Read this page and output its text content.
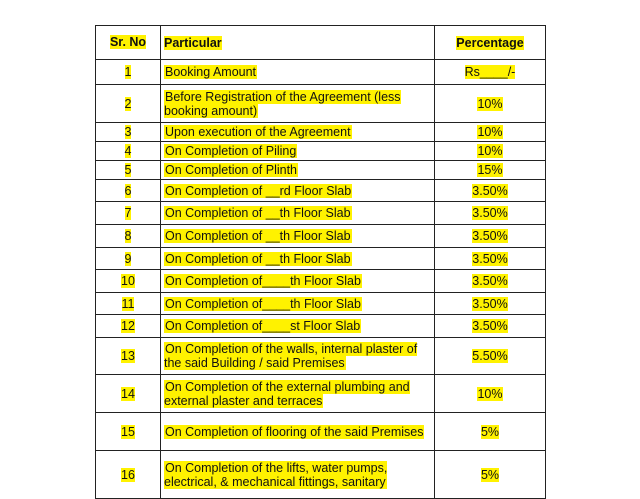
Sr. No	Particular	Percentage
1	Booking Amount	Rs____/-
2	Before Registration of the Agreement (less booking amount)	10%
3	Upon execution of the Agreement	10%
4	On Completion of Piling	10%
5	On Completion of Plinth	15%
6	On Completion of __rd Floor Slab	3.50%
7	On Completion of __th Floor Slab	3.50%
8	On Completion of __th Floor Slab	3.50%
9	On Completion of __th Floor Slab	3.50%
10	On Completion of____th Floor Slab	3.50%
11	On Completion of____th Floor Slab	3.50%
12	On Completion of____st Floor Slab	3.50%
13	On Completion of the walls, internal plaster of the said Building / said Premises	5.50%
14	On Completion of the external plumbing and external plaster and terraces	10%
15	On Completion of flooring of the said Premises	5%
16	On Completion of the lifts, water pumps, electrical, & mechanical fittings, sanitary	5%
